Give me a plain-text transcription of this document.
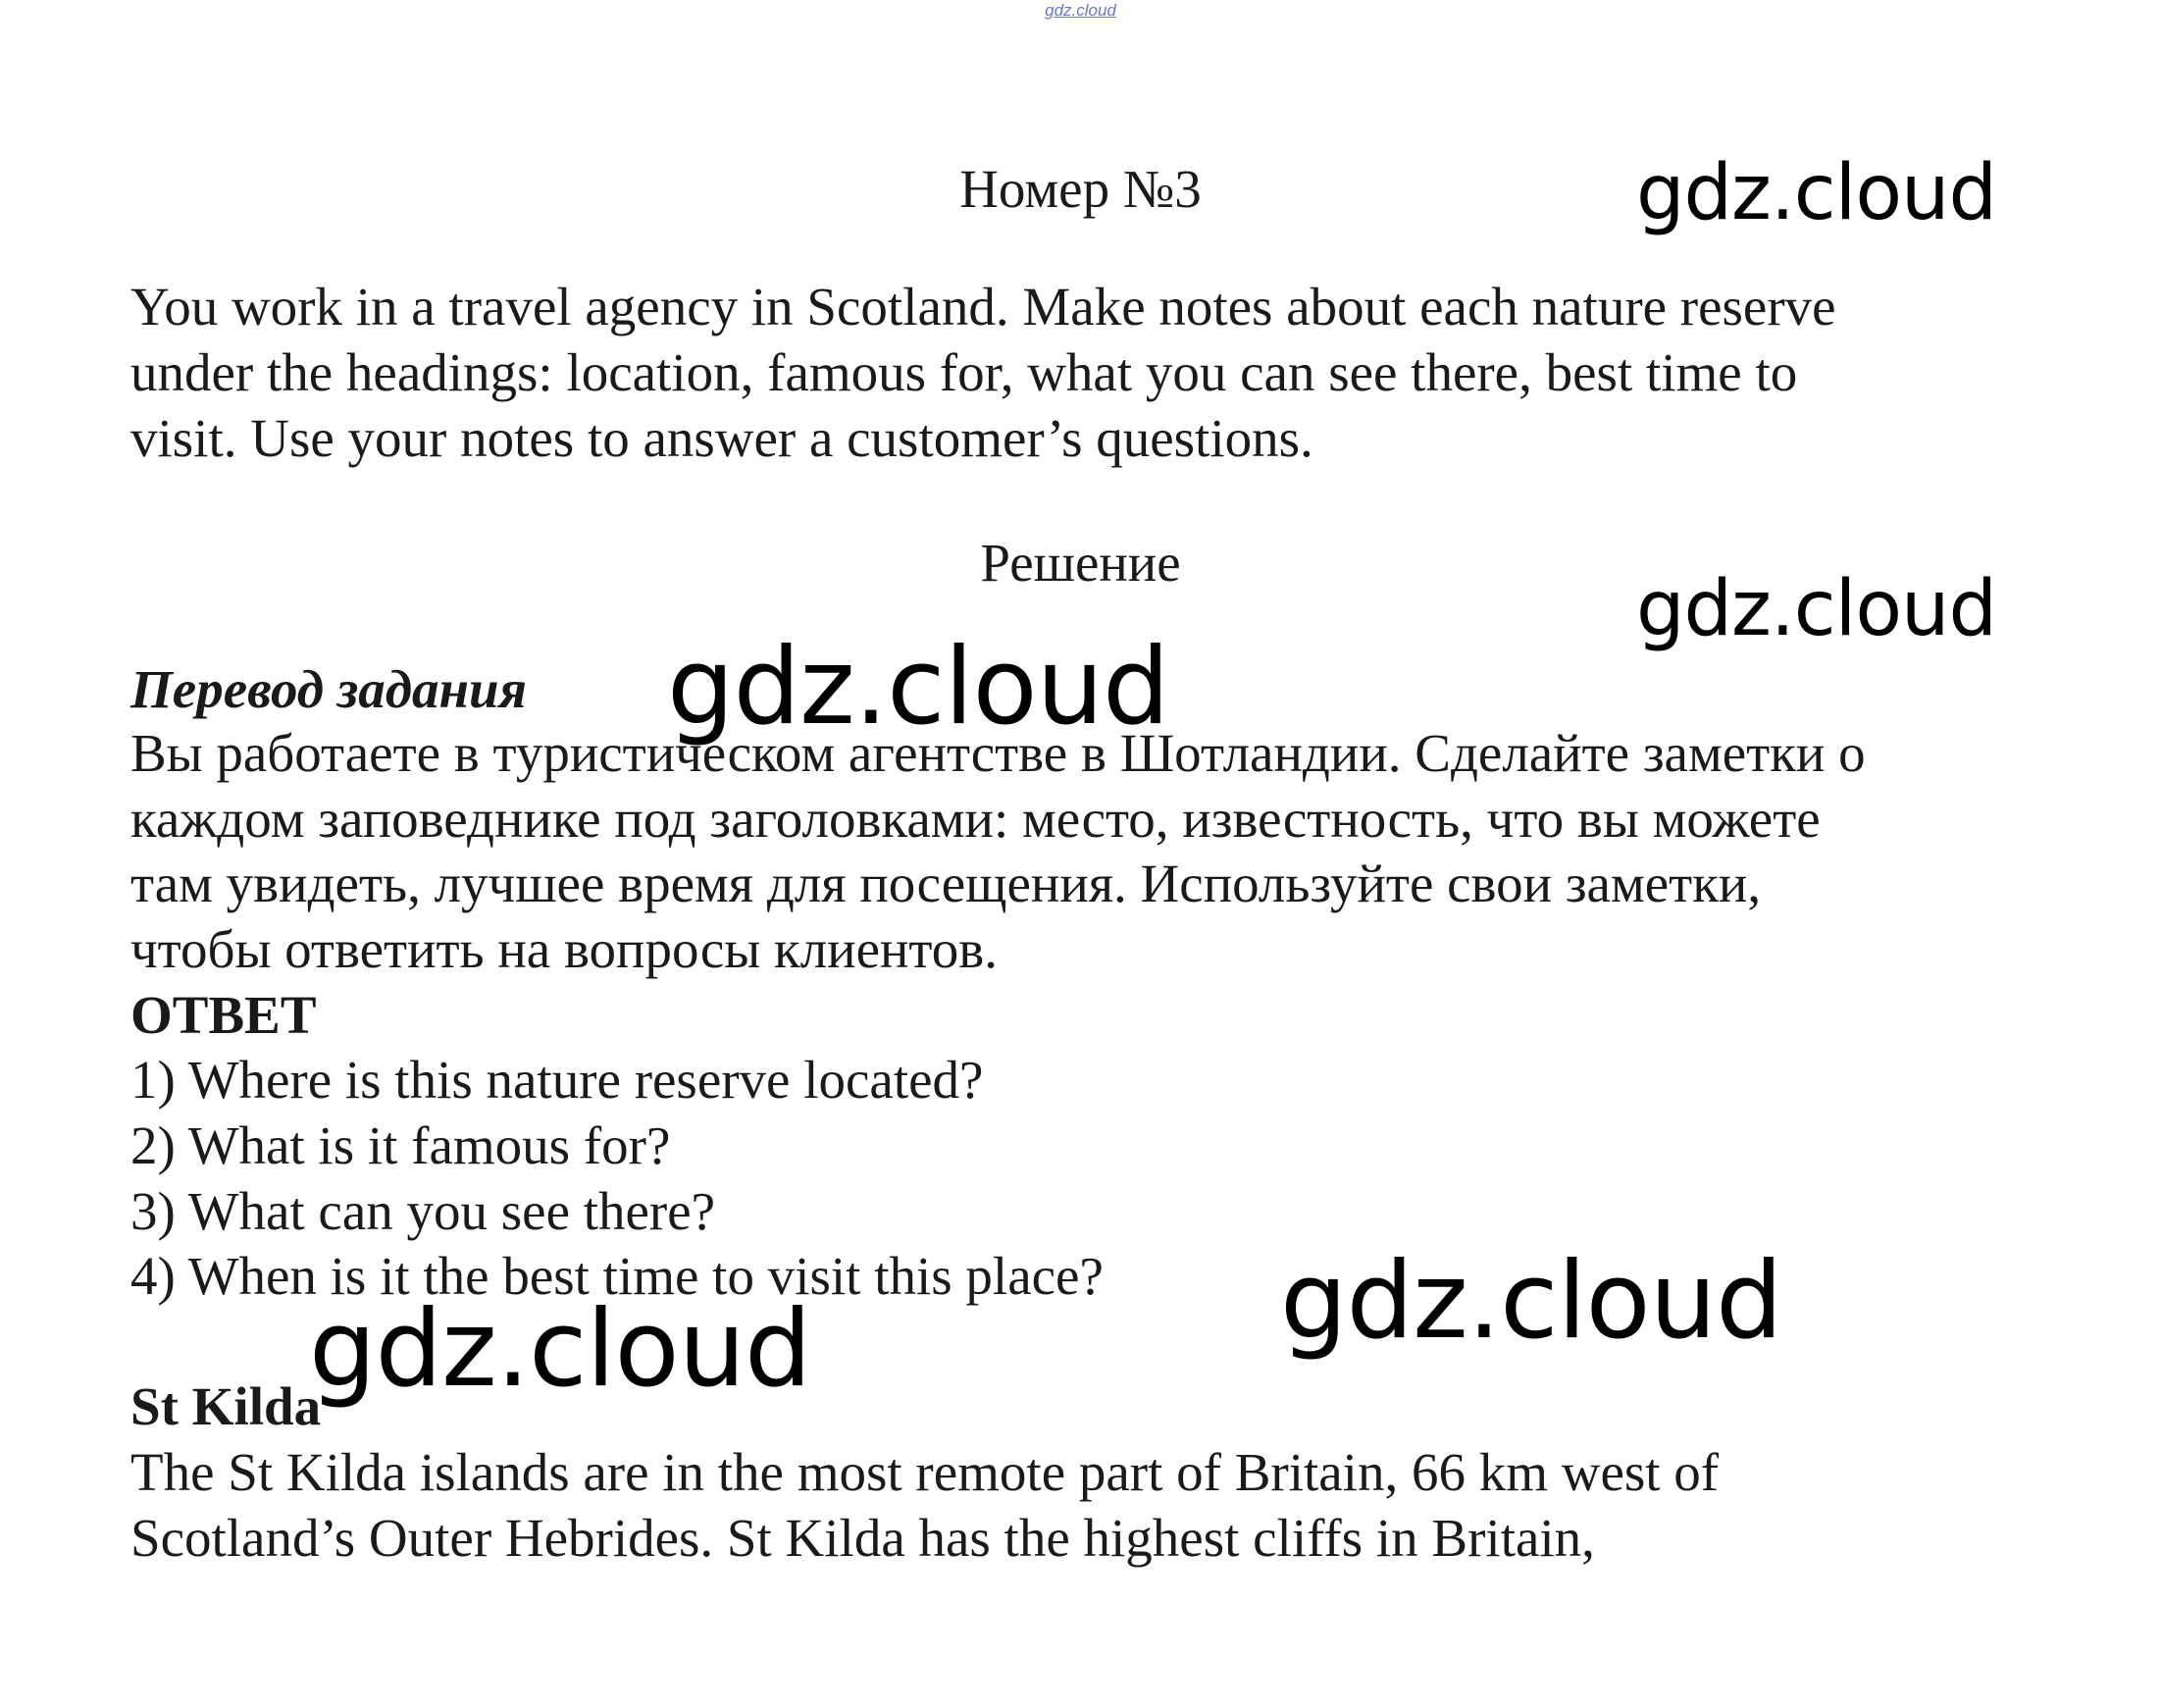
gdz.cloud
Номер №3
You work in a travel agency in Scotland. Make notes about each nature reserve
under the headings: location, famous for, what you can see there, best time to
visit. Use your notes to answer a customer’s questions.
Решение
Перевод задания
Вы работаете в туристическом агентстве в Шотландии. Сделайте заметки о
каждом заповеднике под заголовками: место, известность, что вы можете
там увидеть, лучшее время для посещения. Используйте свои заметки,
чтобы ответить на вопросы клиентов.
ОТВЕТ
1) Where is this nature reserve located?
2) What is it famous for?
3) What can you see there?
4) When is it the best time to visit this place?
St Kilda
The St Kilda islands are in the most remote part of Britain, 66 km west of
Scotland’s Outer Hebrides. St Kilda has the highest cliffs in Britain,
gdz.cloud
gdz.cloud
gdz.cloud
gdz.cloud
gdz.cloud
